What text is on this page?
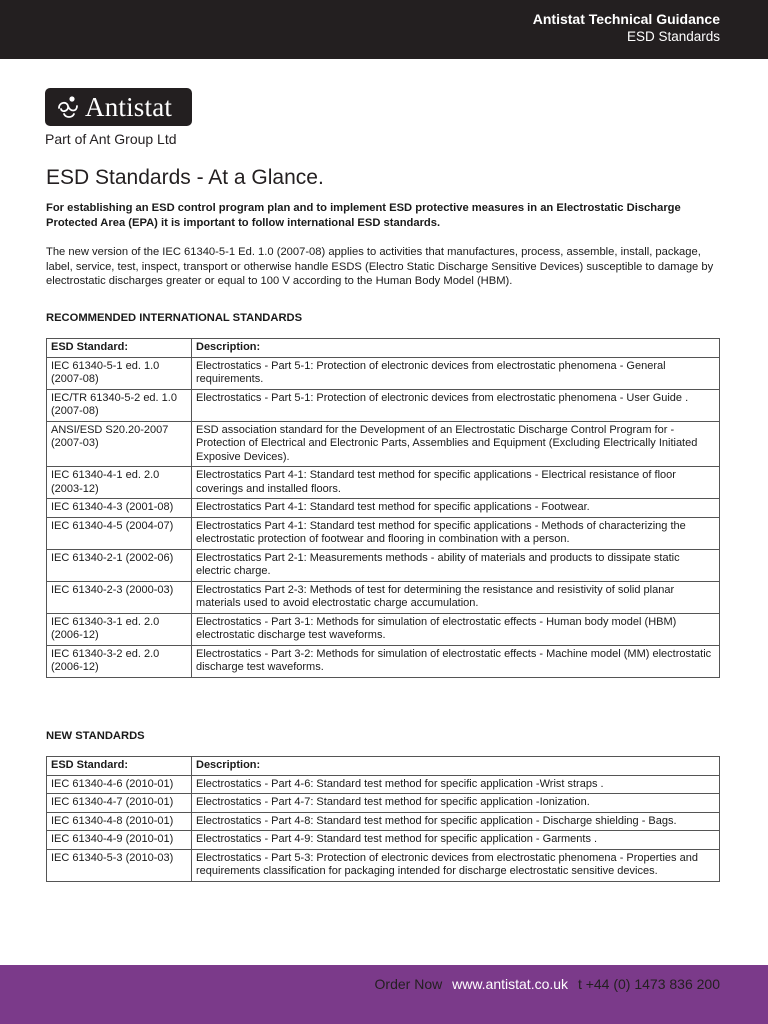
Antistat Technical Guidance
ESD Standards
Antistat
Part of Ant Group Ltd
ESD Standards - At a Glance.

For establishing an ESD control program plan and to implement ESD protective measures in an Electrostatic Discharge Protected Area (EPA) it is important to follow international ESD standards.

The new version of the IEC 61340-5-1 Ed. 1.0 (2007-08) applies to activities that manufactures, process, assemble, install, package, label, service, test, inspect, transport or otherwise handle ESDS (Electro Static Discharge Sensitive Devices) susceptible to damage by electrostatic discharges greater or equal to 100 V according to the Human Body Model (HBM).

RECOMMENDED INTERNATIONAL STANDARDS
ESD Standard:	Description:
IEC 61340-5-1 ed. 1.0 (2007-08)	Electrostatics - Part 5-1: Protection of electronic devices from electrostatic phenomena - General requirements.
IEC/TR 61340-5-2 ed. 1.0 (2007-08)	Electrostatics - Part 5-1: Protection of electronic devices from electrostatic phenomena - User Guide .
ANSI/ESD S20.20-2007 (2007-03)	ESD association standard for the Development of an Electrostatic Discharge Control Program for - Protection of Electrical and Electronic Parts, Assemblies and Equipment (Excluding Electrically Initiated Exposive Devices).
IEC 61340-4-1 ed. 2.0 (2003-12)	Electrostatics Part 4-1: Standard test method for specific applications - Electrical resistance of floor coverings and installed floors.
IEC 61340-4-3 (2001-08)	Electrostatics Part 4-1: Standard test method for specific applications - Footwear.
IEC 61340-4-5 (2004-07)	Electrostatics Part 4-1: Standard test method for specific applications - Methods of characterizing the electrostatic protection of footwear and flooring in combination with a person.
IEC 61340-2-1 (2002-06)	Electrostatics Part 2-1: Measurements methods - ability of materials and products to dissipate static electric charge.
IEC 61340-2-3 (2000-03)	Electrostatics Part 2-3: Methods of test for determining the resistance and resistivity of solid planar materials used to avoid electrostatic charge accumulation.
IEC 61340-3-1 ed. 2.0 (2006-12)	Electrostatics - Part 3-1: Methods for simulation of electrostatic effects - Human body model (HBM) electrostatic discharge test waveforms.
IEC 61340-3-2 ed. 2.0 (2006-12)	Electrostatics - Part 3-2: Methods for simulation of electrostatic effects - Machine model (MM) electrostatic discharge test waveforms.
NEW STANDARDS
ESD Standard:	Description:
IEC 61340-4-6 (2010-01)	Electrostatics - Part 4-6: Standard test method for specific application -Wrist straps .
IEC 61340-4-7 (2010-01)	Electrostatics - Part 4-7: Standard test method for specific application -Ionization.
IEC 61340-4-8 (2010-01)	Electrostatics - Part 4-8: Standard test method for specific application - Discharge shielding - Bags.
IEC 61340-4-9 (2010-01)	Electrostatics - Part 4-9: Standard test method for specific application - Garments .
IEC 61340-5-3 (2010-03)	Electrostatics - Part 5-3: Protection of electronic devices from electrostatic phenomena - Properties and requirements classification for packaging intended for discharge electrostatic sensitive devices.
Order Now www.antistat.co.uk t +44 (0) 1473 836 200
